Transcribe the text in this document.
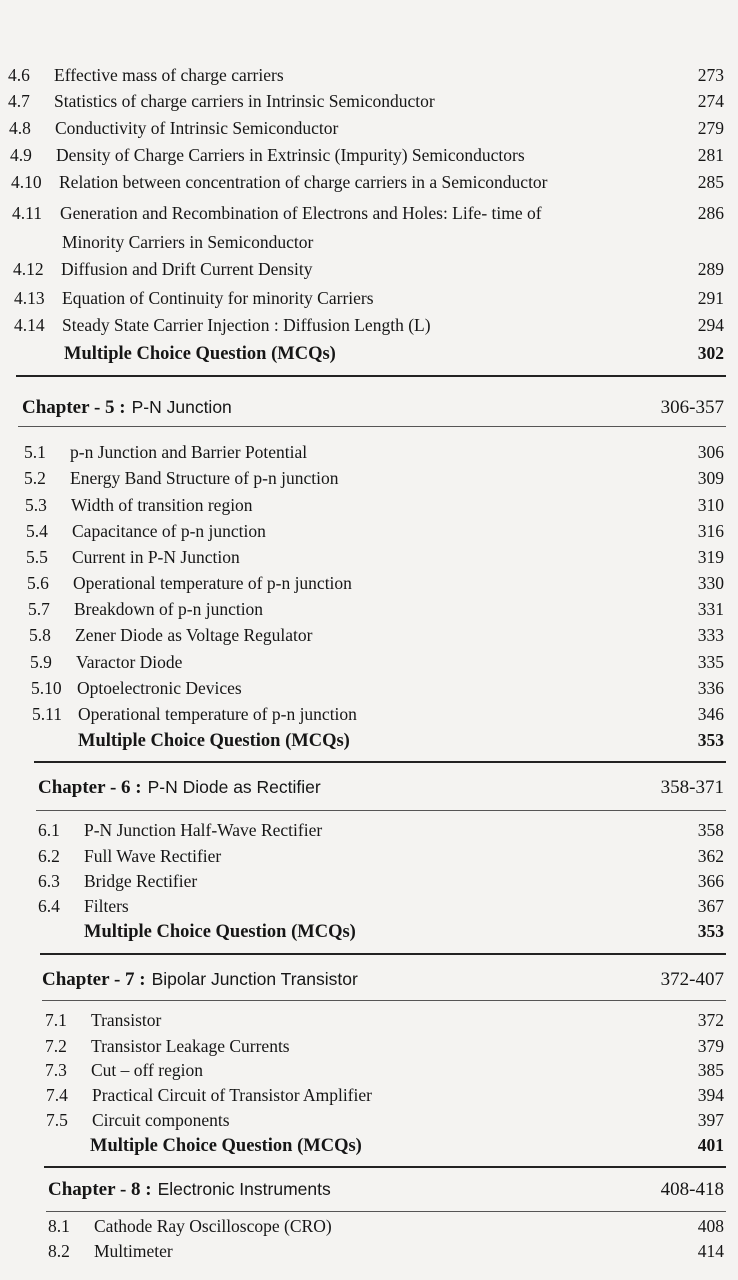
4.6	Effective mass of charge carriers	273
4.7	Statistics of charge carriers in Intrinsic Semiconductor	274
4.8	Conductivity of Intrinsic Semiconductor	279
4.9	Density of Charge Carriers in Extrinsic (Impurity) Semiconductors	281
4.10 Relation between concentration of charge carriers in a Semiconductor	285
4.11	Generation and Recombination of Electrons and Holes: Life- time of	286
Minority Carriers in Semiconductor
4.12 Diffusion and Drift Current Density	289
4.13 Equation of Continuity for minority Carriers	291
4.14 Steady State Carrier Injection : Diffusion Length (L)	294
Multiple Choice Question (MCQs)	302
Chapter - 5 : P-N Junction	306-357
5.1	p-n Junction and Barrier Potential	306
5.2	Energy Band Structure of p-n junction	309
5.3	Width of transition region	310
5.4	Capacitance of p-n junction	316
5.5	Current in P-N Junction	319
5.6	Operational temperature of p-n junction	330
5.7	Breakdown of p-n junction	331
5.8	Zener Diode as Voltage Regulator	333
5.9	Varactor Diode	335
5.10 Optoelectronic Devices	336
5.11 Operational temperature of p-n junction	346
Multiple Choice Question (MCQs)	353
Chapter - 6 : P-N Diode as Rectifier	358-371
6.1	P-N Junction Half-Wave Rectifier	358
6.2	Full Wave Rectifier	362
6.3	Bridge Rectifier	366
6.4	Filters	367
Multiple Choice Question (MCQs)	353
Chapter - 7 : Bipolar Junction Transistor	372-407
7.1	Transistor	372
7.2	Transistor Leakage Currents	379
7.3	Cut – off region	385
7.4	Practical Circuit of Transistor Amplifier	394
7.5	Circuit components	397
Multiple Choice Question (MCQs)	401
Chapter - 8 : Electronic Instruments	408-418
8.1	Cathode Ray Oscilloscope (CRO)	408
8.2	Multimeter	414
